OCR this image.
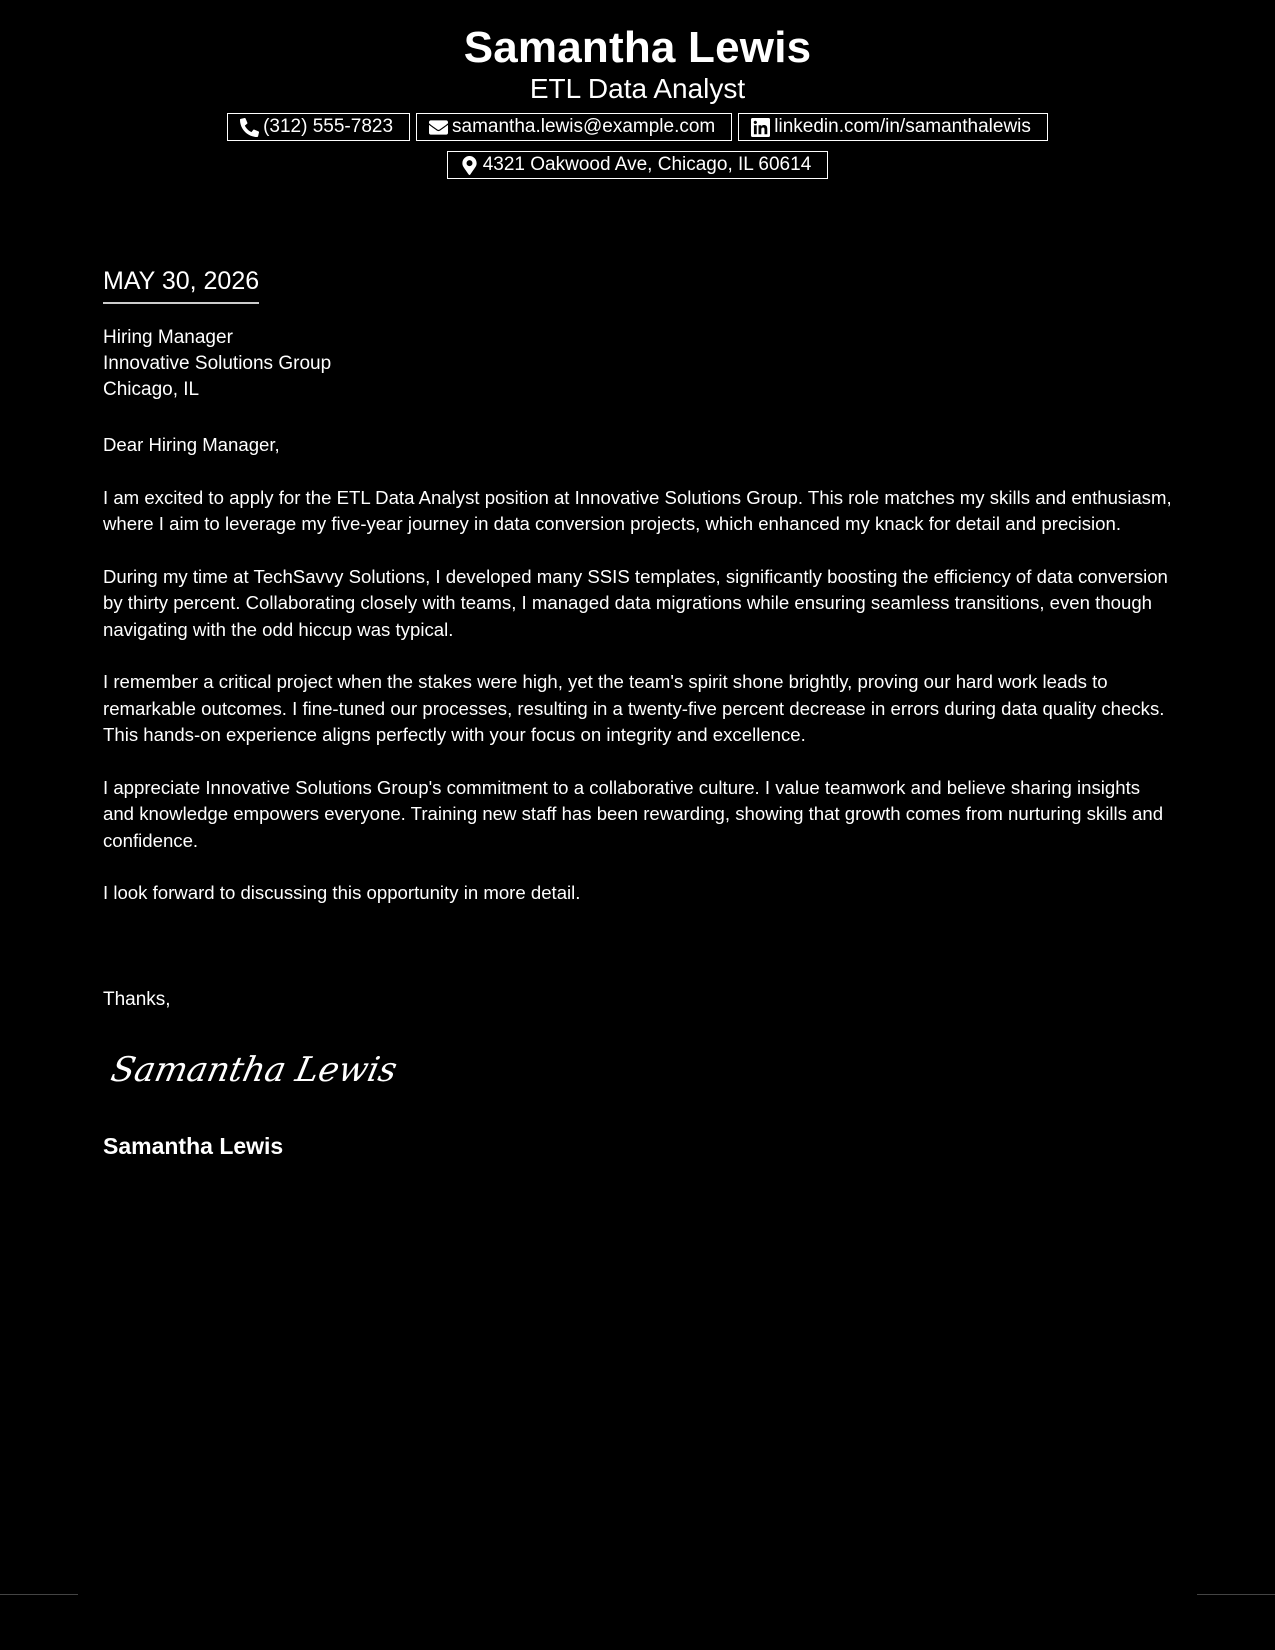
Samantha Lewis
ETL Data Analyst
(312) 555-7823	samantha.lewis@example.com	linkedin.com/in/samanthalewis
4321 Oakwood Ave, Chicago, IL 60614
MAY 30, 2026
Hiring Manager
Innovative Solutions Group
Chicago, IL

Dear Hiring Manager,

I am excited to apply for the ETL Data Analyst position at Innovative Solutions Group. This role matches my skills and enthusiasm, where I aim to leverage my five-year journey in data conversion projects, which enhanced my knack for detail and precision.

During my time at TechSavvy Solutions, I developed many SSIS templates, significantly boosting the efficiency of data conversion by thirty percent. Collaborating closely with teams, I managed data migrations while ensuring seamless transitions, even though navigating with the odd hiccup was typical.

I remember a critical project when the stakes were high, yet the team's spirit shone brightly, proving our hard work leads to remarkable outcomes. I fine-tuned our processes, resulting in a twenty-five percent decrease in errors during data quality checks. This hands-on experience aligns perfectly with your focus on integrity and excellence.

I appreciate Innovative Solutions Group's commitment to a collaborative culture. I value teamwork and believe sharing insights and knowledge empowers everyone. Training new staff has been rewarding, showing that growth comes from nurturing skills and confidence.

I look forward to discussing this opportunity in more detail.

Thanks,
Samantha Lewis
Samantha Lewis
